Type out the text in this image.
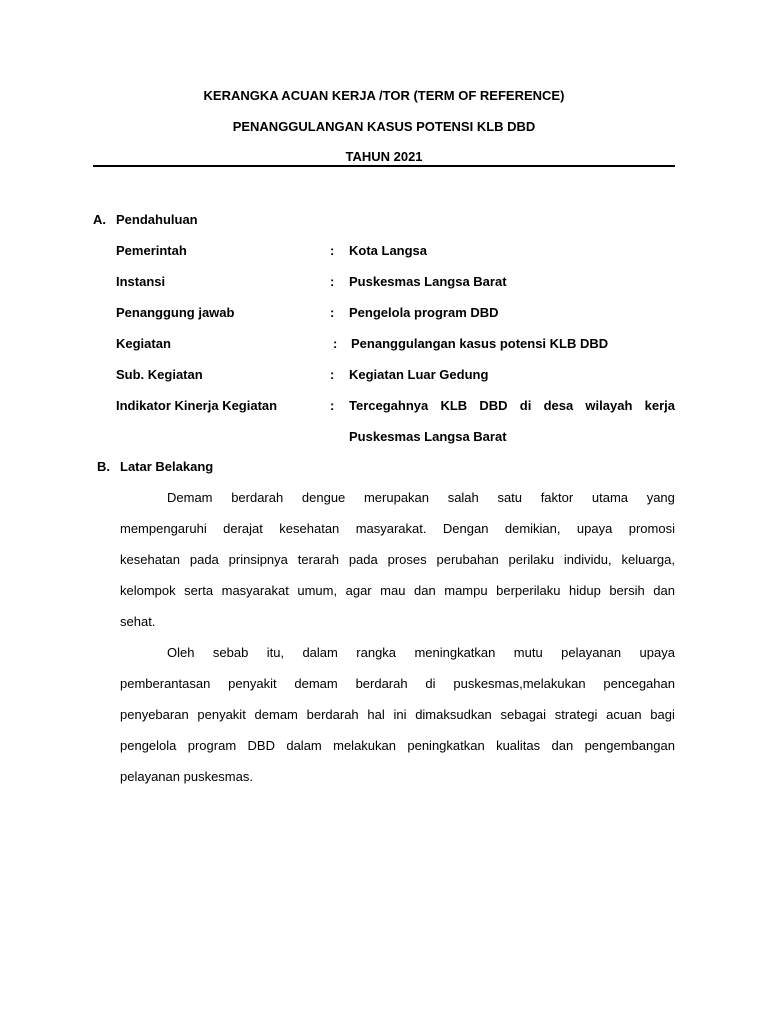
KERANGKA ACUAN KERJA /TOR (TERM OF REFERENCE)
PENANGGULANGAN KASUS POTENSI KLB DBD
TAHUN 2021
A. Pendahuluan
Pemerintah	: Kota Langsa
Instansi	: Puskesmas Langsa Barat
Penanggung jawab	: Pengelola program DBD
Kegiatan	: Penanggulangan kasus potensi KLB DBD
Sub. Kegiatan	: Kegiatan Luar Gedung
Indikator Kinerja Kegiatan	: Tercegahnya KLB DBD di desa wilayah kerja
Puskesmas Langsa Barat
B. Latar Belakang
Demam berdarah dengue merupakan salah satu faktor utama yang
mempengaruhi derajat kesehatan masyarakat. Dengan demikian, upaya promosi
kesehatan pada prinsipnya terarah pada proses perubahan perilaku individu, keluarga,
kelompok serta masyarakat umum, agar mau dan mampu berperilaku hidup bersih dan
sehat.
Oleh sebab itu, dalam rangka meningkatkan mutu pelayanan upaya
pemberantasan penyakit demam berdarah di puskesmas,melakukan pencegahan
penyebaran penyakit demam berdarah hal ini dimaksudkan sebagai strategi acuan bagi
pengelola program DBD dalam melakukan peningkatkan kualitas dan pengembangan
pelayanan puskesmas.
